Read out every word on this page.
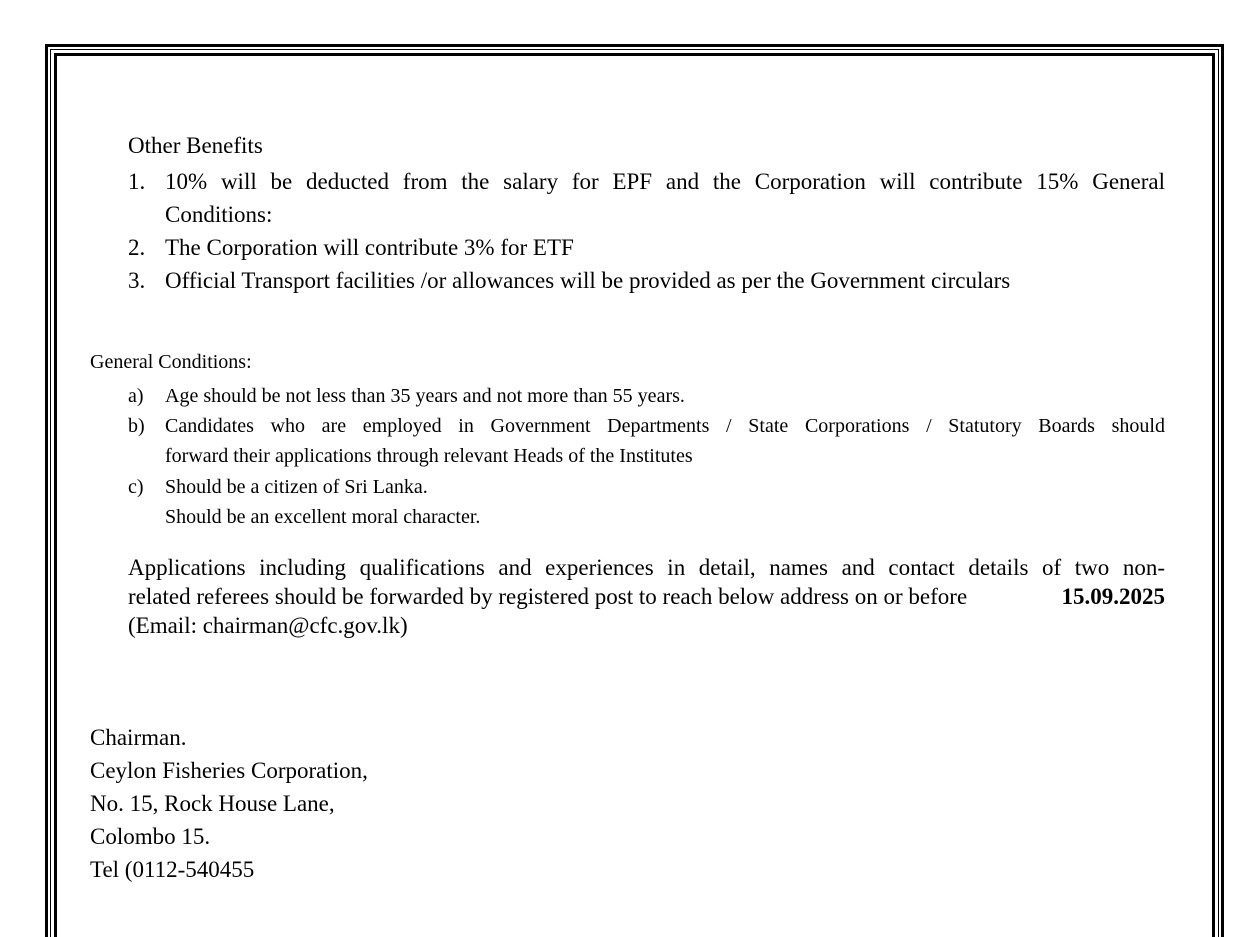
Other Benefits
1. 10% will be deducted from the salary for EPF and the Corporation will contribute 15% General
Conditions:
2. The Corporation will contribute 3% for ETF
3. Official Transport facilities /or allowances will be provided as per the Government circulars
General Conditions:
a) Age should be not less than 35 years and not more than 55 years.
b) Candidates who are employed in Government Departments / State Corporations / Statutory Boards should
forward their applications through relevant Heads of the Institutes
c) Should be a citizen of Sri Lanka.
Should be an excellent moral character.
Applications including qualifications and experiences in detail, names and contact details of two non-
related referees should be forwarded by registered post to reach below address on or before	15.09.2025
(Email: chairman@cfc.gov.lk)
Chairman.
Ceylon Fisheries Corporation,
No. 15, Rock House Lane,
Colombo 15.
Tel (0112-540455
